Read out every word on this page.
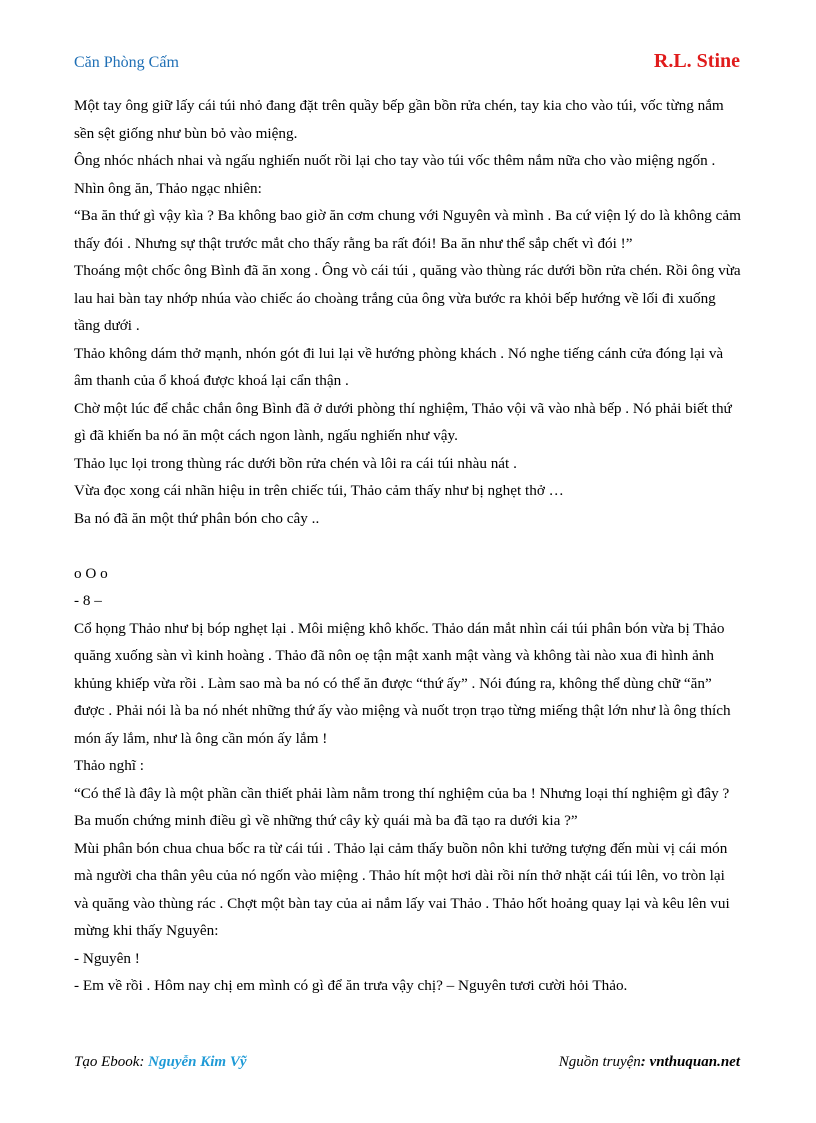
Căn Phòng Cấm	R.L. Stine

Một tay ông giữ lấy cái túi nhỏ đang đặt trên quầy bếp gần bồn rửa chén, tay kia cho vào túi, vốc từng nắm sền sệt giống như bùn bỏ vào miệng.

Ông nhóc nhách nhai và ngấu nghiến nuốt rồi lại cho tay vào túi vốc thêm nắm nữa cho vào miệng ngốn . Nhìn ông ăn, Thảo ngạc nhiên:

“Ba ăn thứ gì vậy kìa ? Ba không bao giờ ăn cơm chung với Nguyên và mình . Ba cứ viện lý do là không cảm thấy đói . Nhưng sự thật trước mắt cho thấy rằng ba rất đói! Ba ăn như thể sắp chết vì đói !”

Thoáng một chốc ông Bình đã ăn xong . Ông vò cái túi , quăng vào thùng rác dưới bồn rửa chén. Rồi ông vừa lau hai bàn tay nhớp nhúa vào chiếc áo choàng trắng của ông vừa bước ra khỏi bếp hướng về lối đi xuống tầng dưới .

Thảo không dám thở mạnh, nhón gót đi lui lại về hướng phòng khách . Nó nghe tiếng cánh cửa đóng lại và âm thanh của ổ khoá được khoá lại cẩn thận .

Chờ một lúc để chắc chắn ông Bình đã ở dưới phòng thí nghiệm, Thảo vội vã vào nhà bếp . Nó phải biết thứ gì đã khiến ba nó ăn một cách ngon lành, ngấu nghiến như vậy.

Thảo lục lọi trong thùng rác dưới bồn rửa chén và lôi ra cái túi nhàu nát .

Vừa đọc xong cái nhãn hiệu in trên chiếc túi, Thảo cảm thấy như bị nghẹt thở …

Ba nó đã ăn một thứ phân bón cho cây ..

o O o

- 8 –

Cổ họng Thảo như bị bóp nghẹt lại . Môi miệng khô khốc. Thảo dán mắt nhìn cái túi phân bón vừa bị Thảo quăng xuống sàn vì kinh hoàng . Thảo đã nôn oẹ tận mật xanh mật vàng và không tài nào xua đi hình ảnh khủng khiếp vừa rồi . Làm sao mà ba nó có thể ăn được “thứ ấy” . Nói đúng ra, không thể dùng chữ “ăn” được . Phải nói là ba nó nhét những thứ ấy vào miệng và nuốt trọn trạo từng miếng thật lớn như là ông thích món ấy lắm, như là ông cần món ấy lắm !

Thảo nghĩ :

“Có thể là đây là một phần cần thiết phải làm nằm trong thí nghiệm của ba ! Nhưng loại thí nghiệm gì đây ? Ba muốn chứng minh điều gì về những thứ cây kỳ quái mà ba đã tạo ra dưới kia ?”

Mùi phân bón chua chua bốc ra từ cái túi . Thảo lại cảm thấy buồn nôn khi tưởng tượng đến mùi vị cái món mà người cha thân yêu của nó ngốn vào miệng . Thảo hít một hơi dài rồi nín thở nhặt cái túi lên, vo tròn lại và quăng vào thùng rác . Chợt một bàn tay của ai nắm lấy vai Thảo . Thảo hốt hoảng quay lại và kêu lên vui mừng khi thấy Nguyên:

- Nguyên !

- Em về rồi . Hôm nay chị em mình có gì để ăn trưa vậy chị? – Nguyên tươi cười hỏi Thảo.

Tạo Ebook: Nguyễn Kim Vỹ	Nguồn truyện: vnthuquan.net
